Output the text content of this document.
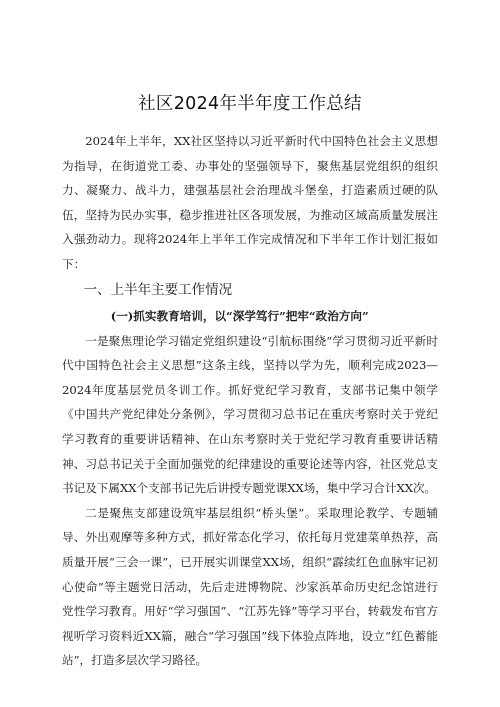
社区2024年半年度工作总结

2024年上半年，XX社区坚持以习近平新时代中国特色社会主义思想为指导，在街道党工委、办事处的坚强领导下，聚焦基层党组织的组织力、凝聚力、战斗力，建强基层社会治理战斗堡垒，打造素质过硬的队伍，坚持为民办实事，稳步推进社区各项发展，为推动区域高质量发展注入强劲动力。现将2024年上半年工作完成情况和下半年工作计划汇报如下：

一、上半年主要工作情况
(一)抓实教育培训，以“深学笃行”把牢“政治方向”

一是聚焦理论学习锚定党组织建设“引航标围绕“学习贯彻习近平新时代中国特色社会主义思想”这条主线，坚持以学为先，顺利完成2023—2024年度基层党员冬训工作。抓好党纪学习教育，支部书记集中领学《中国共产党纪律处分条例》，学习贯彻习总书记在重庆考察时关于党纪学习教育的重要讲话精神、在山东考察时关于党纪学习教育重要讲话精神、习总书记关于全面加强党的纪律建设的重要论述等内容，社区党总支书记及下属XX个支部书记先后讲授专题党课XX场，集中学习合计XX次。

二是聚焦支部建设筑牢基层组织“桥头堡”。采取理论教学、专题辅导、外出观摩等多种方式，抓好常态化学习，依托每月党建菜单热荐，高质量开展“三会一课”，已开展实训课堂XX场，组织“霹续红色血脉牢记初心使命”等主题党日活动，先后走进博物院、沙家浜革命历史纪念馆进行党性学习教育。用好“学习强国”、“江苏先锋”等学习平台，转载发布官方视听学习资料近XX篇，融合“学习强国”线下体验点阵地，设立“红色蓄能站”，打造多层次学习路径。
